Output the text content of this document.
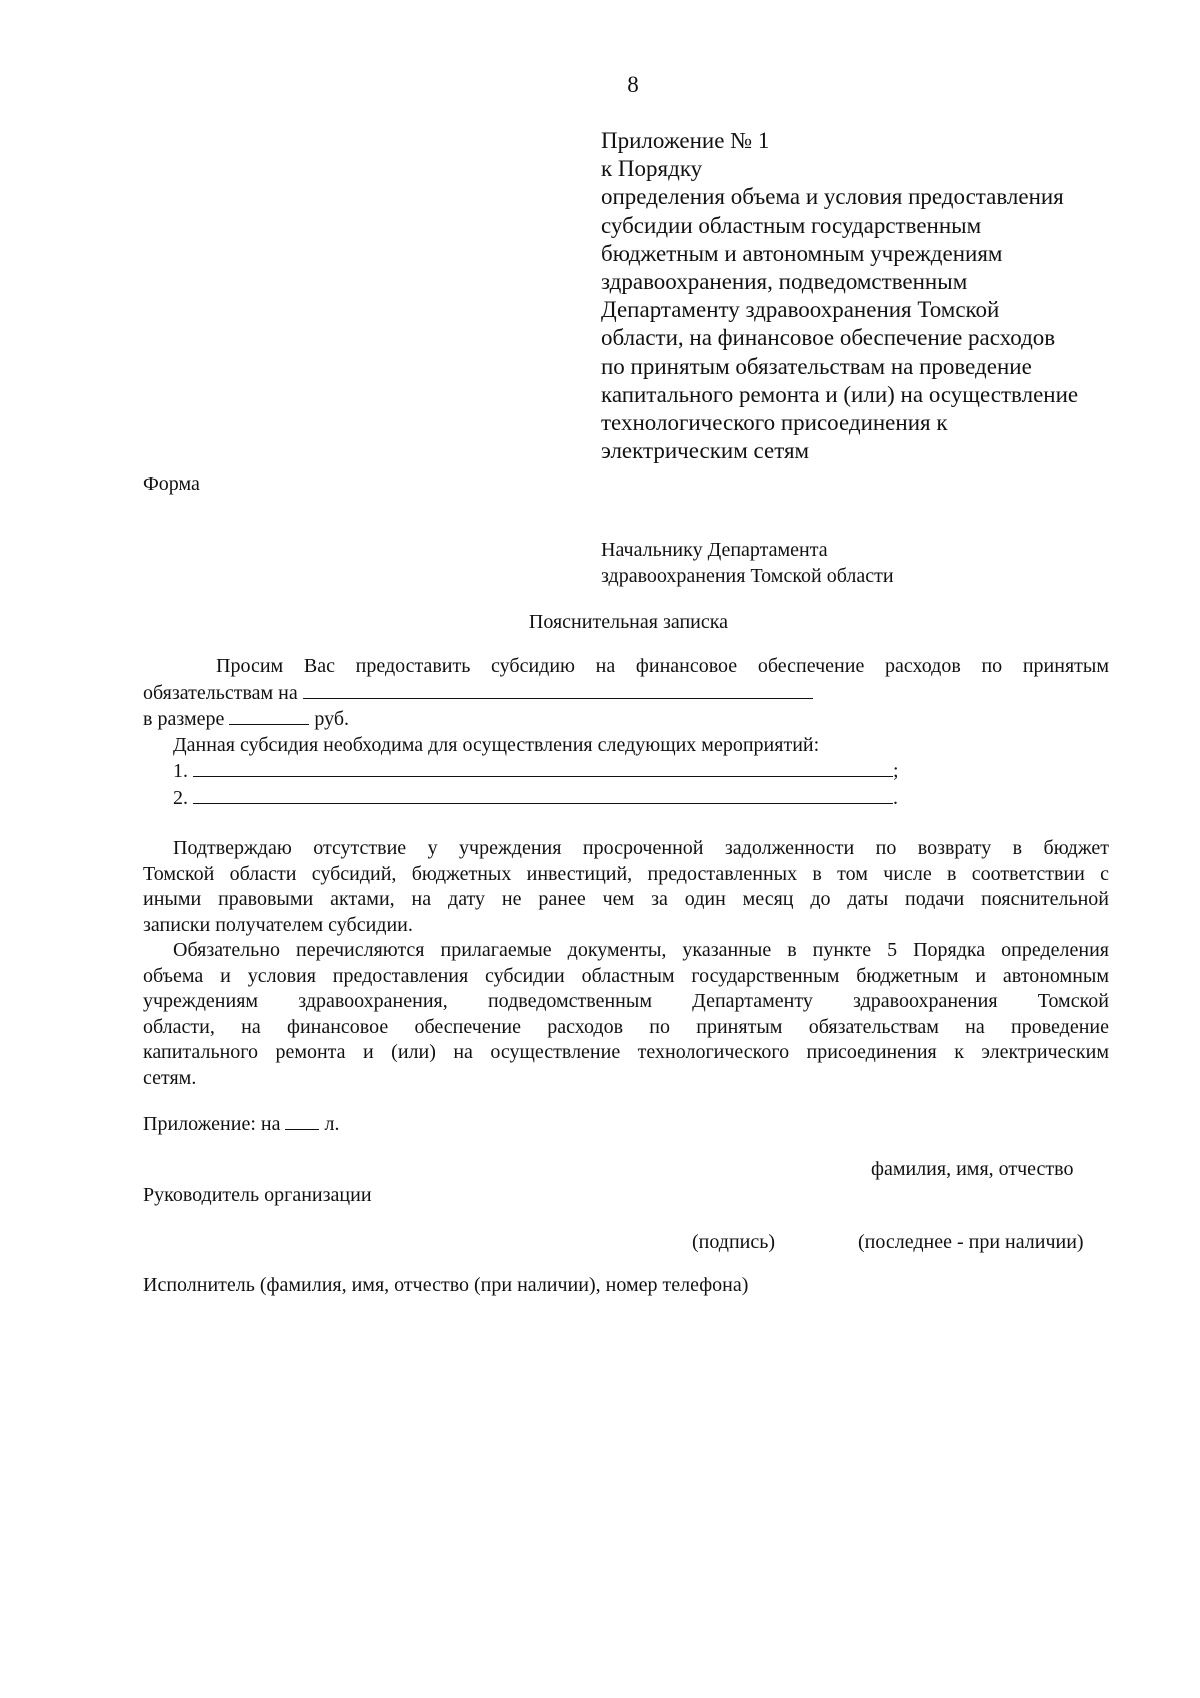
8
Приложение № 1
к Порядку
определения объема и условия предоставления
субсидии областным государственным
бюджетным и автономным учреждениям
здравоохранения, подведомственным
Департаменту здравоохранения Томской
области, на финансовое обеспечение расходов
по принятым обязательствам на проведение
капитального ремонта и (или) на осуществление
технологического присоединения к
электрическим сетям
Форма
Начальнику Департамента
здравоохранения Томской области
Пояснительная записка
Просим Вас предоставить субсидию на финансовое обеспечение расходов по принятым
обязательствам на
в размере	руб.
Данная субсидия необходима для осуществления следующих мероприятий:
1.	;
2.	.
Подтверждаю отсутствие у учреждения просроченной задолженности по возврату в бюджет
Томской области субсидий, бюджетных инвестиций, предоставленных в том числе в соответствии с
иными правовыми актами, на дату не ранее чем за один месяц до даты подачи пояснительной
записки получателем субсидии.
Обязательно перечисляются прилагаемые документы, указанные в пункте 5 Порядка определения
объема и условия предоставления субсидии областным государственным бюджетным и автономным
учреждениям здравоохранения, подведомственным Департаменту здравоохранения Томской
области, на финансовое обеспечение расходов по принятым обязательствам на проведение
капитального ремонта и (или) на осуществление технологического присоединения к электрическим
сетям.
Приложение: на л.
фамилия, имя, отчество
Руководитель организации
(подпись)	(последнее - при наличии)
Исполнитель (фамилия, имя, отчество (при наличии), номер телефона)
